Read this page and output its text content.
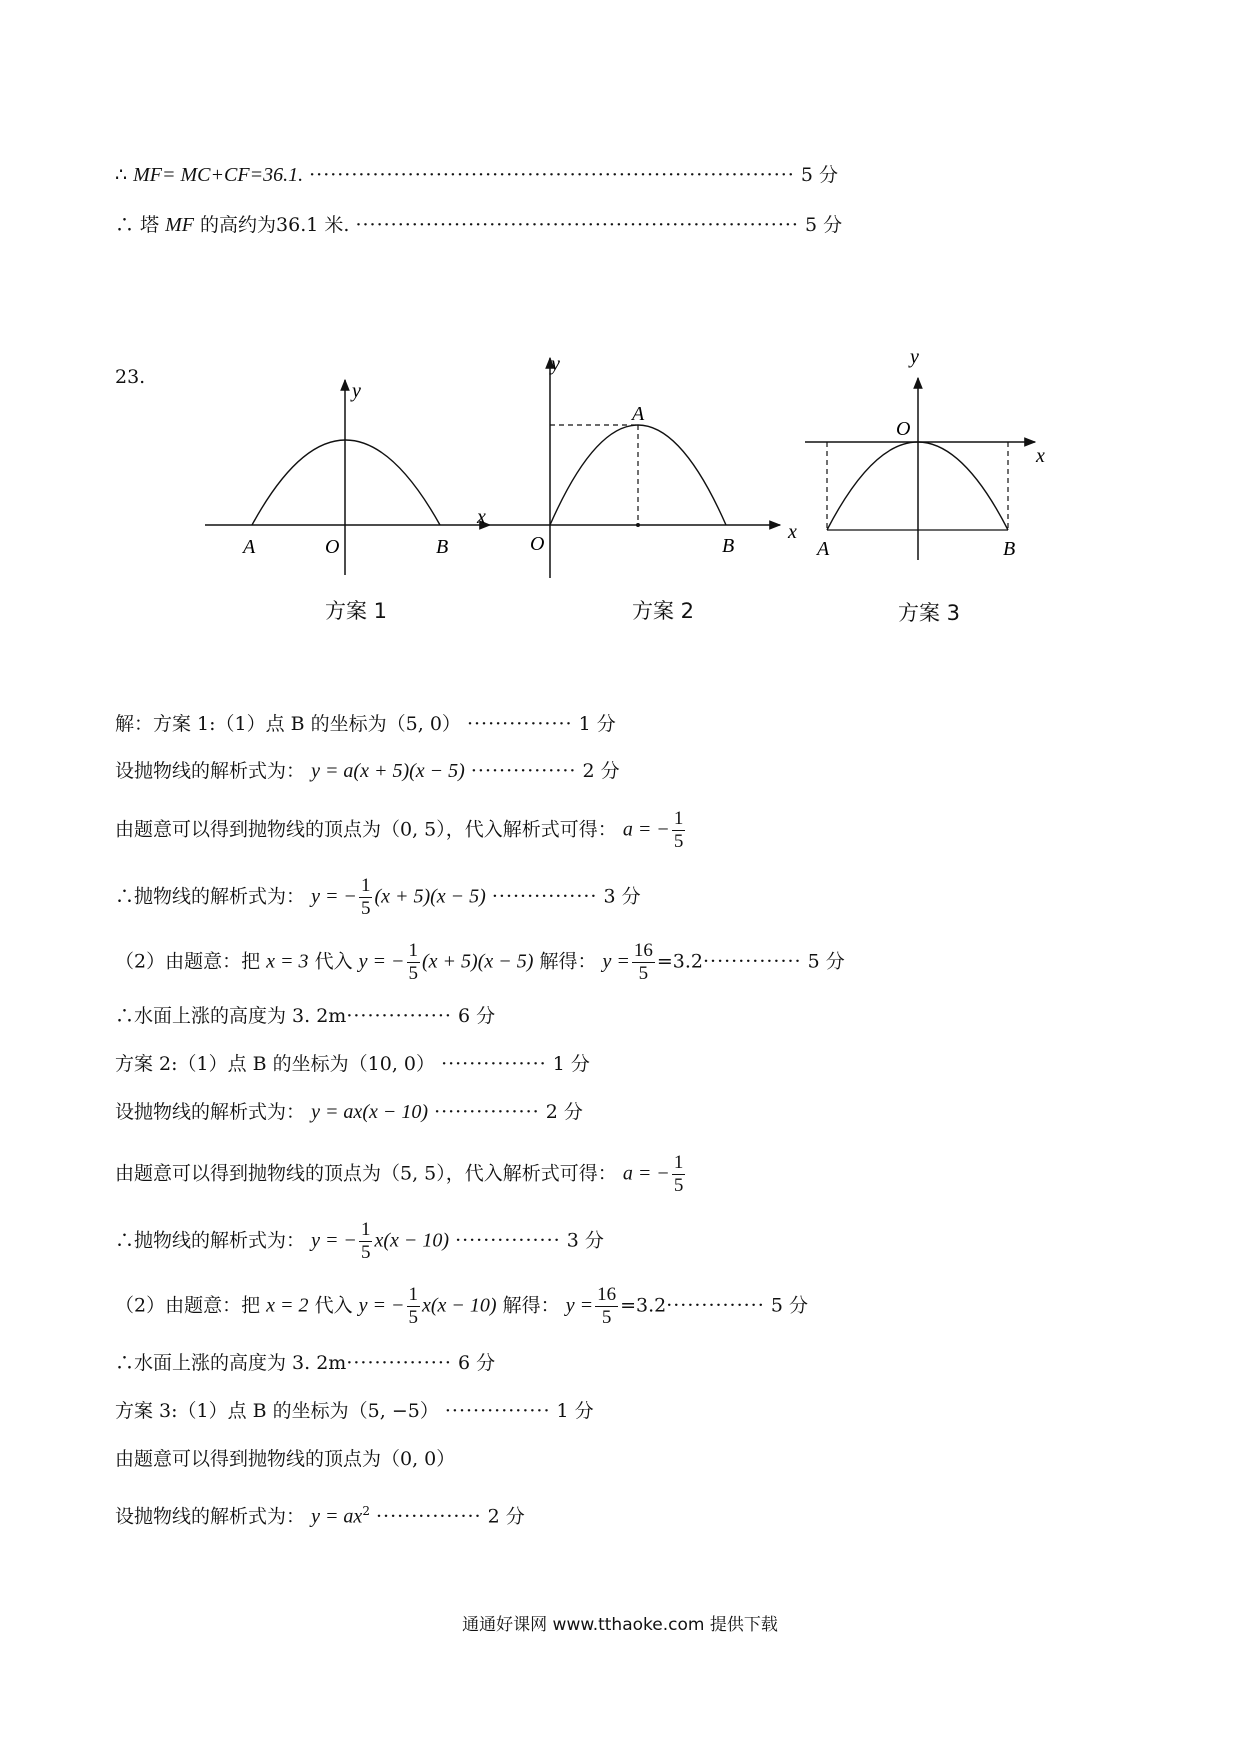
∴ MF= MC+CF=36.1. ····································································· 5 分
∴ 塔 MF 的高约为36.1 米. ······························································· 5 分
23.
y
x
A	O	B
y
x
A
O	B
y
x
O
A	B
方案 1	方案 2	方案 3
解：方案 1:（1）点 B 的坐标为（5, 0） ··············· 1 分
设抛物线的解析式为： y = a(x + 5)(x − 5) ··············· 2 分
由题意可以得到抛物线的顶点为（0, 5），代入解析式可得： a = − $\frac{1}{5}$
∴抛物线的解析式为： y = − $\frac{1}{5} (x + 5)(x - 5)$ ··············· 3 分
（2）由题意：把 x = 3 代入 y = − $\frac{1}{5} (x + 5)(x - 5)$ 解得： $y = \frac{16}{5} =3.2\cdot\cdot\cdot\cdot\cdot\cdot\cdot\cdot\cdot\cdot\cdot\cdot\cdot\cdot 5$ 分
∴水面上涨的高度为 3. 2m··············· 6 分
方案 2:（1）点 B 的坐标为（10, 0） ··············· 1 分
设抛物线的解析式为： y = ax(x − 10) ··············· 2 分
由题意可以得到抛物线的顶点为（5, 5），代入解析式可得： a = − $\frac{1}{5}$
∴抛物线的解析式为： y = − $\frac{1}{5} x(x - 10)$ ··············· 3 分
（2）由题意：把 x = 2 代入 y = − $\frac{1}{5} x(x - 10)$ 解得： $y = \frac{16}{5} =3.2\cdot\cdot\cdot\cdot\cdot\cdot\cdot\cdot\cdot\cdot\cdot\cdot\cdot\cdot 5$ 分
∴水面上涨的高度为 3. 2m··············· 6 分
方案 3:（1）点 B 的坐标为（5, −5） ··············· 1 分
由题意可以得到抛物线的顶点为（0, 0）
设抛物线的解析式为： $y = ax^2$ ··············· 2 分
通通好课网 www.tthaoke.com 提供下载
